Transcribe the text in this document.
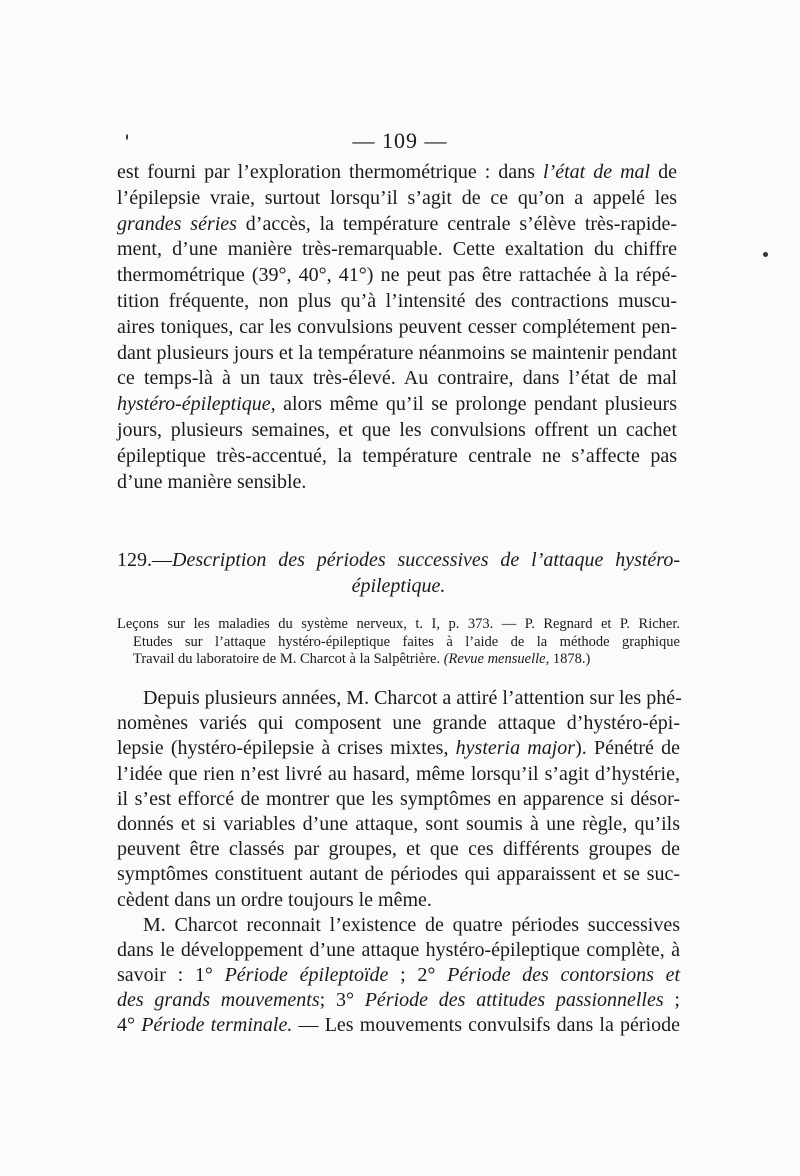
— 109 —
est fourni par l’exploration thermométrique : dans l’état de mal de
l’épilepsie vraie, surtout lorsqu’il s’agit de ce qu’on a appelé les
grandes séries d’accès, la température centrale s’élève très-rapide-
ment, d’une manière très-remarquable. Cette exaltation du chiffre
thermométrique (39°, 40°, 41°) ne peut pas être rattachée à la répé-
tition fréquente, non plus qu’à l’intensité des contractions muscu-
aires toniques, car les convulsions peuvent cesser complétement pen-
dant plusieurs jours et la température néanmoins se maintenir pendant
ce temps-là à un taux très-élevé. Au contraire, dans l’état de mal
hystéro-épileptique, alors même qu’il se prolonge pendant plusieurs
jours, plusieurs semaines, et que les convulsions offrent un cachet
épileptique très-accentué, la température centrale ne s’affecte pas
d’une manière sensible.
129.—Description des périodes successives de l’attaque hystéro-
épileptique.
Leçons sur les maladies du système nerveux, t. I, p. 373. — P. Regnard et P. Richer.
Etudes sur l’attaque hystéro-épileptique faites à l’aide de la méthode graphique
Travail du laboratoire de M. Charcot à la Salpêtrière. (Revue mensuelle, 1878.)
Depuis plusieurs années, M. Charcot a attiré l’attention sur les phé-
nomènes variés qui composent une grande attaque d’hystéro-épi-
lepsie (hystéro-épilepsie à crises mixtes, hysteria major). Pénétré de
l’idée que rien n’est livré au hasard, même lorsqu’il s’agit d’hystérie,
il s’est efforcé de montrer que les symptômes en apparence si désor-
donnés et si variables d’une attaque, sont soumis à une règle, qu’ils
peuvent être classés par groupes, et que ces différents groupes de
symptômes constituent autant de périodes qui apparaissent et se suc-
cèdent dans un ordre toujours le même.
M. Charcot reconnait l’existence de quatre périodes successives
dans le développement d’une attaque hystéro-épileptique complète, à
savoir : 1° Période épileptoïde ; 2° Période des contorsions et
des grands mouvements; 3° Période des attitudes passionnelles ;
4° Période terminale. — Les mouvements convulsifs dans la période
